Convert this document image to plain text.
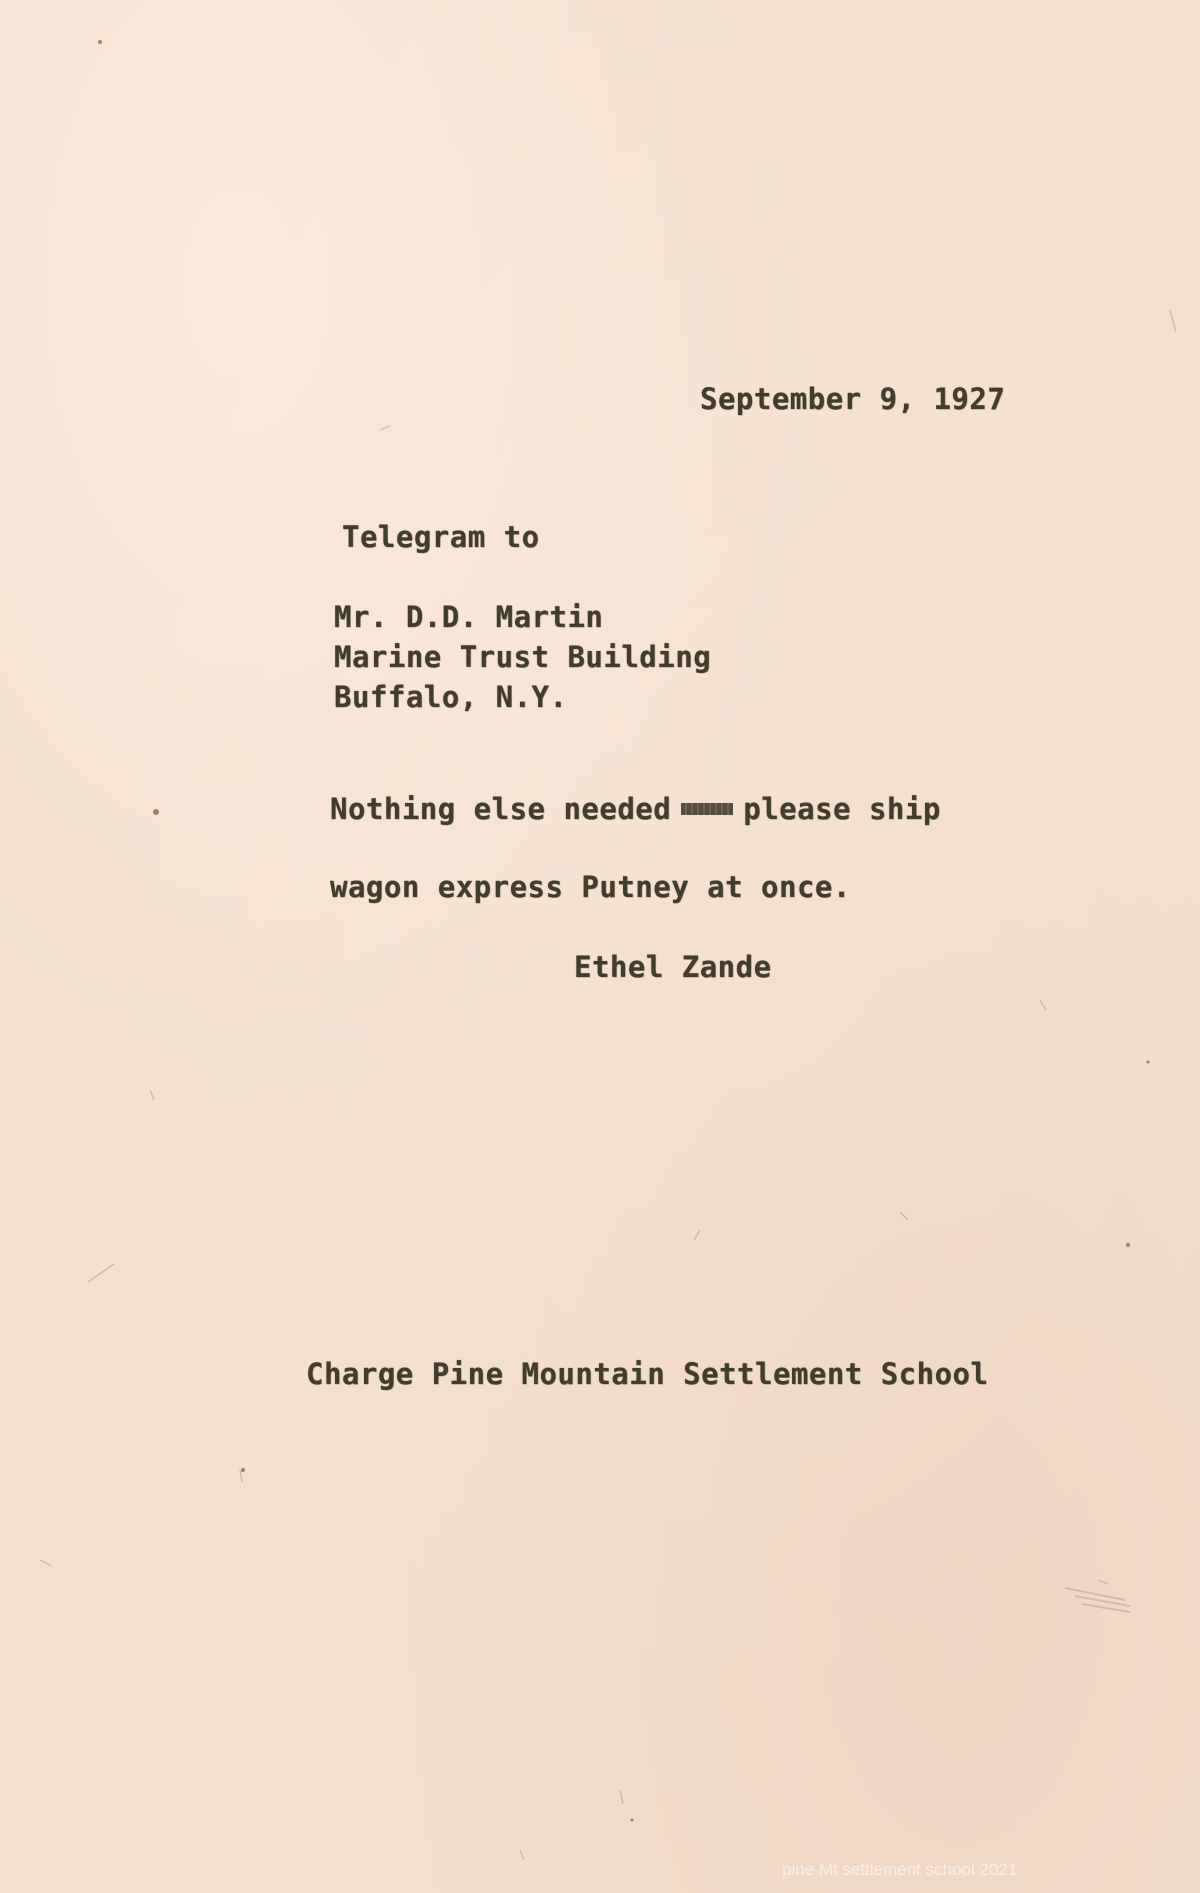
September 9, 1927
Telegram to
Mr. D.D. Martin
Marine Trust Building
Buffalo, N.Y.
Nothing else needed please ship
wagon express Putney at once.
Ethel Zande
Charge Pine Mountain Settlement School
pine Mt settlement school 2021
